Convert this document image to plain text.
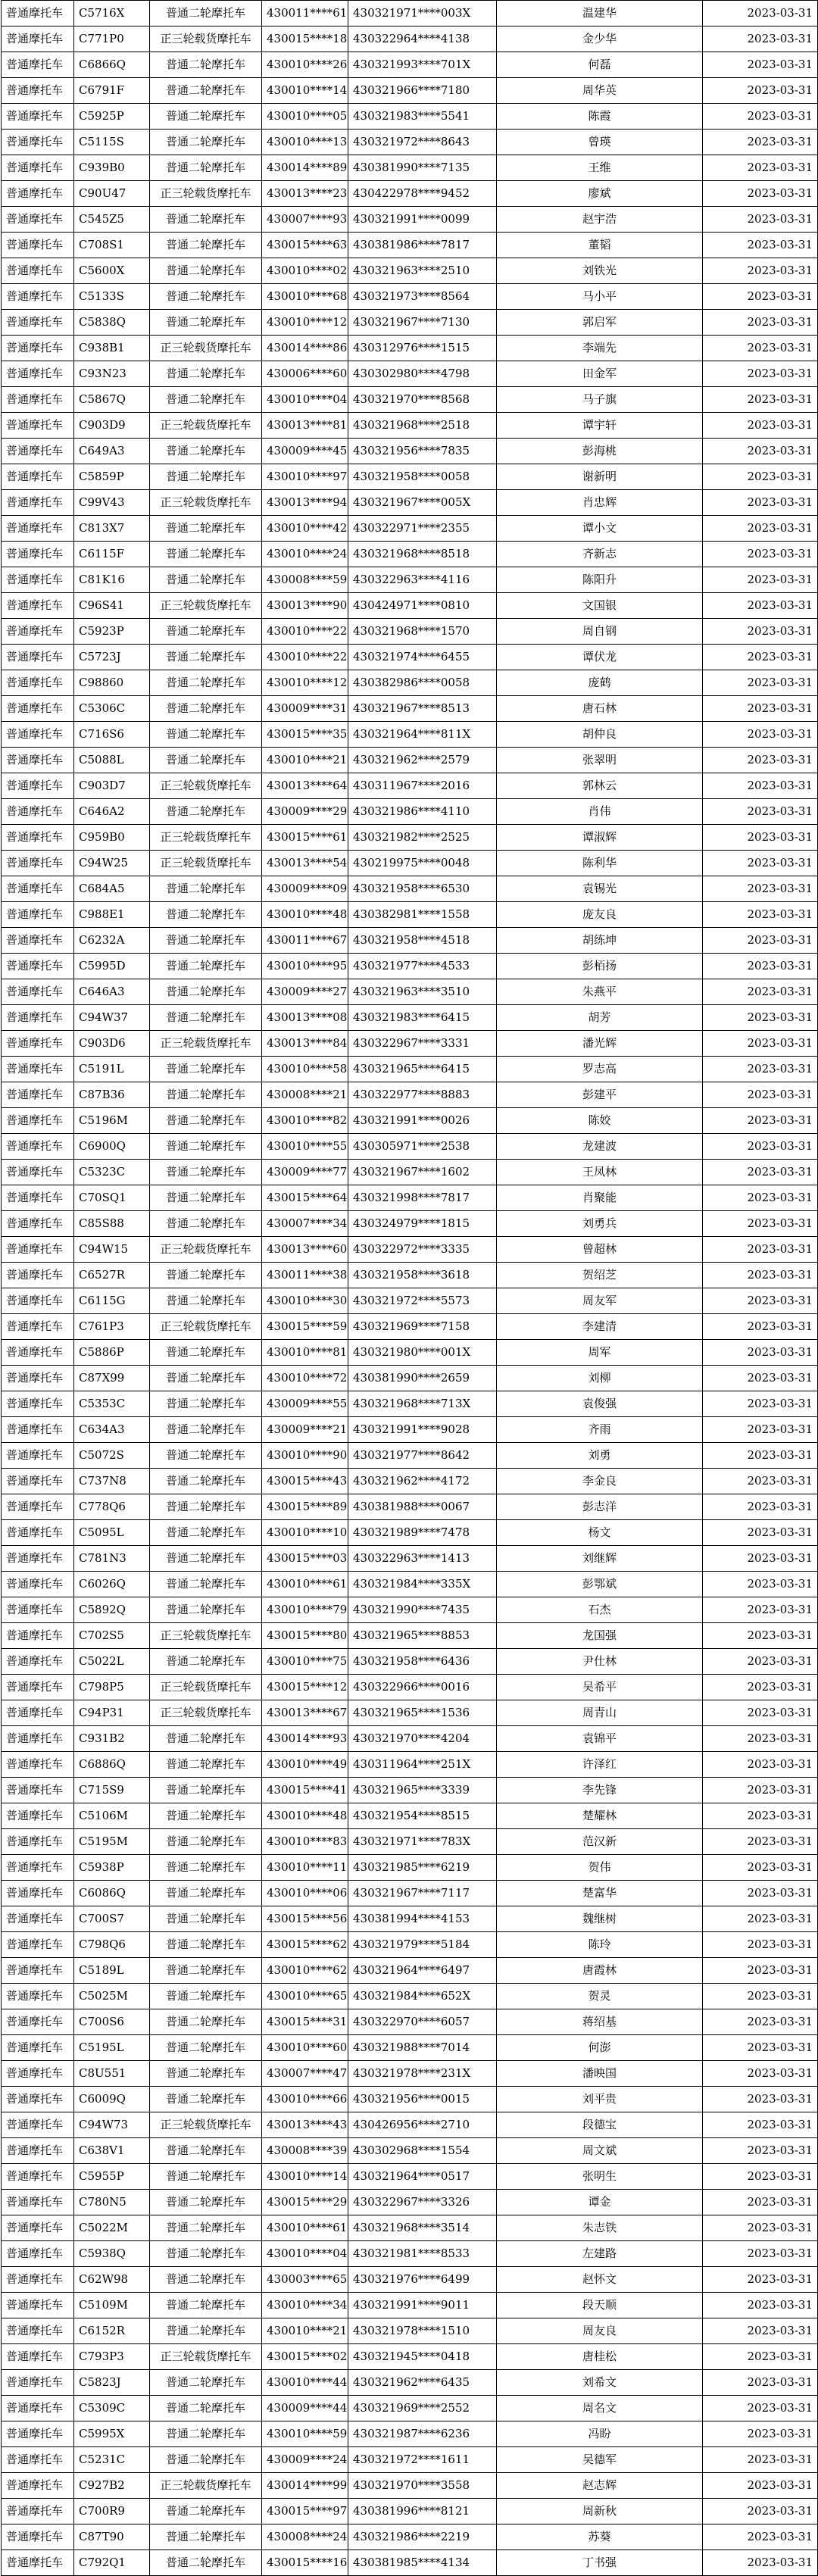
普通摩托车	C5716X	普通二轮摩托车	430011****61	430321971****003X	温建华	2023-03-31
普通摩托车	C771P0	正三轮载货摩托车	430015****18	430322964****4138	金少华	2023-03-31
普通摩托车	C6866Q	普通二轮摩托车	430010****26	430321993****701X	何磊	2023-03-31
普通摩托车	C6791F	普通二轮摩托车	430010****14	430321966****7180	周华英	2023-03-31
普通摩托车	C5925P	普通二轮摩托车	430010****05	430321983****5541	陈霞	2023-03-31
普通摩托车	C5115S	普通二轮摩托车	430010****13	430321972****8643	曾瑛	2023-03-31
普通摩托车	C939B0	普通二轮摩托车	430014****89	430381990****7135	王维	2023-03-31
普通摩托车	C90U47	正三轮载货摩托车	430013****23	430422978****9452	廖斌	2023-03-31
普通摩托车	C545Z5	普通二轮摩托车	430007****93	430321991****0099	赵宇浩	2023-03-31
普通摩托车	C708S1	普通二轮摩托车	430015****63	430381986****7817	董韬	2023-03-31
普通摩托车	C5600X	普通二轮摩托车	430010****02	430321963****2510	刘铁光	2023-03-31
普通摩托车	C5133S	普通二轮摩托车	430010****68	430321973****8564	马小平	2023-03-31
普通摩托车	C5838Q	普通二轮摩托车	430010****12	430321967****7130	郭启军	2023-03-31
普通摩托车	C938B1	正三轮载货摩托车	430014****86	430312976****1515	李端先	2023-03-31
普通摩托车	C93N23	普通二轮摩托车	430006****60	430302980****4798	田金军	2023-03-31
普通摩托车	C5867Q	普通二轮摩托车	430010****04	430321970****8568	马子旗	2023-03-31
普通摩托车	C903D9	正三轮载货摩托车	430013****81	430321968****2518	谭宇轩	2023-03-31
普通摩托车	C649A3	普通二轮摩托车	430009****45	430321956****7835	彭海桃	2023-03-31
普通摩托车	C5859P	普通二轮摩托车	430010****97	430321958****0058	谢新明	2023-03-31
普通摩托车	C99V43	正三轮载货摩托车	430013****94	430321967****005X	肖忠辉	2023-03-31
普通摩托车	C813X7	普通二轮摩托车	430010****42	430322971****2355	谭小文	2023-03-31
普通摩托车	C6115F	普通二轮摩托车	430010****24	430321968****8518	齐新志	2023-03-31
普通摩托车	C81K16	普通二轮摩托车	430008****59	430322963****4116	陈阳升	2023-03-31
普通摩托车	C96S41	正三轮载货摩托车	430013****90	430424971****0810	文国银	2023-03-31
普通摩托车	C5923P	普通二轮摩托车	430010****22	430321968****1570	周自钢	2023-03-31
普通摩托车	C5723J	普通二轮摩托车	430010****22	430321974****6455	谭伏龙	2023-03-31
普通摩托车	C98860	普通二轮摩托车	430010****12	430382986****0058	庞鹤	2023-03-31
普通摩托车	C5306C	普通二轮摩托车	430009****31	430321967****8513	唐石林	2023-03-31
普通摩托车	C716S6	普通二轮摩托车	430015****35	430321964****811X	胡仲良	2023-03-31
普通摩托车	C5088L	普通二轮摩托车	430010****21	430321962****2579	张翠明	2023-03-31
普通摩托车	C903D7	正三轮载货摩托车	430013****64	430311967****2016	郭林云	2023-03-31
普通摩托车	C646A2	普通二轮摩托车	430009****29	430321986****4110	肖伟	2023-03-31
普通摩托车	C959B0	正三轮载货摩托车	430015****61	430321982****2525	谭淑辉	2023-03-31
普通摩托车	C94W25	正三轮载货摩托车	430013****54	430219975****0048	陈利华	2023-03-31
普通摩托车	C684A5	普通二轮摩托车	430009****09	430321958****6530	袁锡光	2023-03-31
普通摩托车	C988E1	普通二轮摩托车	430010****48	430382981****1558	庞友良	2023-03-31
普通摩托车	C6232A	普通二轮摩托车	430011****67	430321958****4518	胡练坤	2023-03-31
普通摩托车	C5995D	普通二轮摩托车	430010****95	430321977****4533	彭栢扬	2023-03-31
普通摩托车	C646A3	普通二轮摩托车	430009****27	430321963****3510	朱燕平	2023-03-31
普通摩托车	C94W37	普通二轮摩托车	430013****08	430321983****6415	胡芳	2023-03-31
普通摩托车	C903D6	正三轮载货摩托车	430013****84	430322967****3331	潘光辉	2023-03-31
普通摩托车	C5191L	普通二轮摩托车	430010****58	430321965****6415	罗志高	2023-03-31
普通摩托车	C87B36	普通二轮摩托车	430008****21	430322977****8883	彭建平	2023-03-31
普通摩托车	C5196M	普通二轮摩托车	430010****82	430321991****0026	陈姣	2023-03-31
普通摩托车	C6900Q	普通二轮摩托车	430010****55	430305971****2538	龙建波	2023-03-31
普通摩托车	C5323C	普通二轮摩托车	430009****77	430321967****1602	王凤林	2023-03-31
普通摩托车	C70SQ1	普通二轮摩托车	430015****64	430321998****7817	肖聚能	2023-03-31
普通摩托车	C85S88	普通二轮摩托车	430007****34	430324979****1815	刘勇兵	2023-03-31
普通摩托车	C94W15	正三轮载货摩托车	430013****60	430322972****3335	曾超林	2023-03-31
普通摩托车	C6527R	普通二轮摩托车	430011****38	430321958****3618	贺绍芝	2023-03-31
普通摩托车	C6115G	普通二轮摩托车	430010****30	430321972****5573	周友军	2023-03-31
普通摩托车	C761P3	正三轮载货摩托车	430015****59	430321969****7158	李建清	2023-03-31
普通摩托车	C5886P	普通二轮摩托车	430010****81	430321980****001X	周军	2023-03-31
普通摩托车	C87X99	普通二轮摩托车	430010****72	430381990****2659	刘柳	2023-03-31
普通摩托车	C5353C	普通二轮摩托车	430009****55	430321968****713X	袁俊强	2023-03-31
普通摩托车	C634A3	普通二轮摩托车	430009****21	430321991****9028	齐雨	2023-03-31
普通摩托车	C5072S	普通二轮摩托车	430010****90	430321977****8642	刘勇	2023-03-31
普通摩托车	C737N8	普通二轮摩托车	430015****43	430321962****4172	李金良	2023-03-31
普通摩托车	C778Q6	普通二轮摩托车	430015****89	430381988****0067	彭志洋	2023-03-31
普通摩托车	C5095L	普通二轮摩托车	430010****10	430321989****7478	杨文	2023-03-31
普通摩托车	C781N3	普通二轮摩托车	430015****03	430322963****1413	刘继辉	2023-03-31
普通摩托车	C6026Q	普通二轮摩托车	430010****61	430321984****335X	彭鄂斌	2023-03-31
普通摩托车	C5892Q	普通二轮摩托车	430010****79	430321990****7435	石杰	2023-03-31
普通摩托车	C702S5	正三轮载货摩托车	430015****80	430321965****8853	龙国强	2023-03-31
普通摩托车	C5022L	普通二轮摩托车	430010****75	430321958****6436	尹仕林	2023-03-31
普通摩托车	C798P5	正三轮载货摩托车	430015****12	430322966****0016	吴希平	2023-03-31
普通摩托车	C94P31	正三轮载货摩托车	430013****67	430321965****1536	周青山	2023-03-31
普通摩托车	C931B2	普通二轮摩托车	430014****93	430321970****4204	袁锦平	2023-03-31
普通摩托车	C6886Q	普通二轮摩托车	430010****49	430311964****251X	许泽红	2023-03-31
普通摩托车	C715S9	普通二轮摩托车	430015****41	430321965****3339	李先锋	2023-03-31
普通摩托车	C5106M	普通二轮摩托车	430010****48	430321954****8515	楚耀林	2023-03-31
普通摩托车	C5195M	普通二轮摩托车	430010****83	430321971****783X	范汉新	2023-03-31
普通摩托车	C5938P	普通二轮摩托车	430010****11	430321985****6219	贺伟	2023-03-31
普通摩托车	C6086Q	普通二轮摩托车	430010****06	430321967****7117	楚富华	2023-03-31
普通摩托车	C700S7	普通二轮摩托车	430015****56	430381994****4153	魏继树	2023-03-31
普通摩托车	C798Q6	普通二轮摩托车	430015****62	430321979****5184	陈玲	2023-03-31
普通摩托车	C5189L	普通二轮摩托车	430010****62	430321964****6497	唐霞林	2023-03-31
普通摩托车	C5025M	普通二轮摩托车	430010****65	430321984****652X	贺灵	2023-03-31
普通摩托车	C700S6	普通二轮摩托车	430015****31	430322970****6057	蒋绍基	2023-03-31
普通摩托车	C5195L	普通二轮摩托车	430010****60	430321988****7014	何澎	2023-03-31
普通摩托车	C8U551	普通二轮摩托车	430007****47	430321978****231X	潘映国	2023-03-31
普通摩托车	C6009Q	普通二轮摩托车	430010****66	430321956****0015	刘平贵	2023-03-31
普通摩托车	C94W73	正三轮载货摩托车	430013****43	430426956****2710	段德宝	2023-03-31
普通摩托车	C638V1	普通二轮摩托车	430008****39	430302968****1554	周文斌	2023-03-31
普通摩托车	C5955P	普通二轮摩托车	430010****14	430321964****0517	张明生	2023-03-31
普通摩托车	C780N5	普通二轮摩托车	430015****29	430322967****3326	谭金	2023-03-31
普通摩托车	C5022M	普通二轮摩托车	430010****61	430321968****3514	朱志铁	2023-03-31
普通摩托车	C5938Q	普通二轮摩托车	430010****04	430321981****8533	左建路	2023-03-31
普通摩托车	C62W98	普通二轮摩托车	430003****65	430321976****6499	赵怀文	2023-03-31
普通摩托车	C5109M	普通二轮摩托车	430010****34	430321991****9011	段天顺	2023-03-31
普通摩托车	C6152R	普通二轮摩托车	430010****21	430321978****1510	周友良	2023-03-31
普通摩托车	C793P3	正三轮载货摩托车	430015****02	430321945****0418	唐桂松	2023-03-31
普通摩托车	C5823J	普通二轮摩托车	430010****44	430321962****6435	刘希文	2023-03-31
普通摩托车	C5309C	普通二轮摩托车	430009****44	430321969****2552	周名文	2023-03-31
普通摩托车	C5995X	普通二轮摩托车	430010****59	430321987****6236	冯盼	2023-03-31
普通摩托车	C5231C	普通二轮摩托车	430009****24	430321972****1611	吴德军	2023-03-31
普通摩托车	C927B2	正三轮载货摩托车	430014****99	430321970****3558	赵志辉	2023-03-31
普通摩托车	C700R9	普通二轮摩托车	430015****97	430381996****8121	周新秋	2023-03-31
普通摩托车	C87T90	普通二轮摩托车	430008****24	430321986****2219	苏葵	2023-03-31
普通摩托车	C792Q1	普通二轮摩托车	430015****16	430381985****4134	丁书强	2023-03-31
